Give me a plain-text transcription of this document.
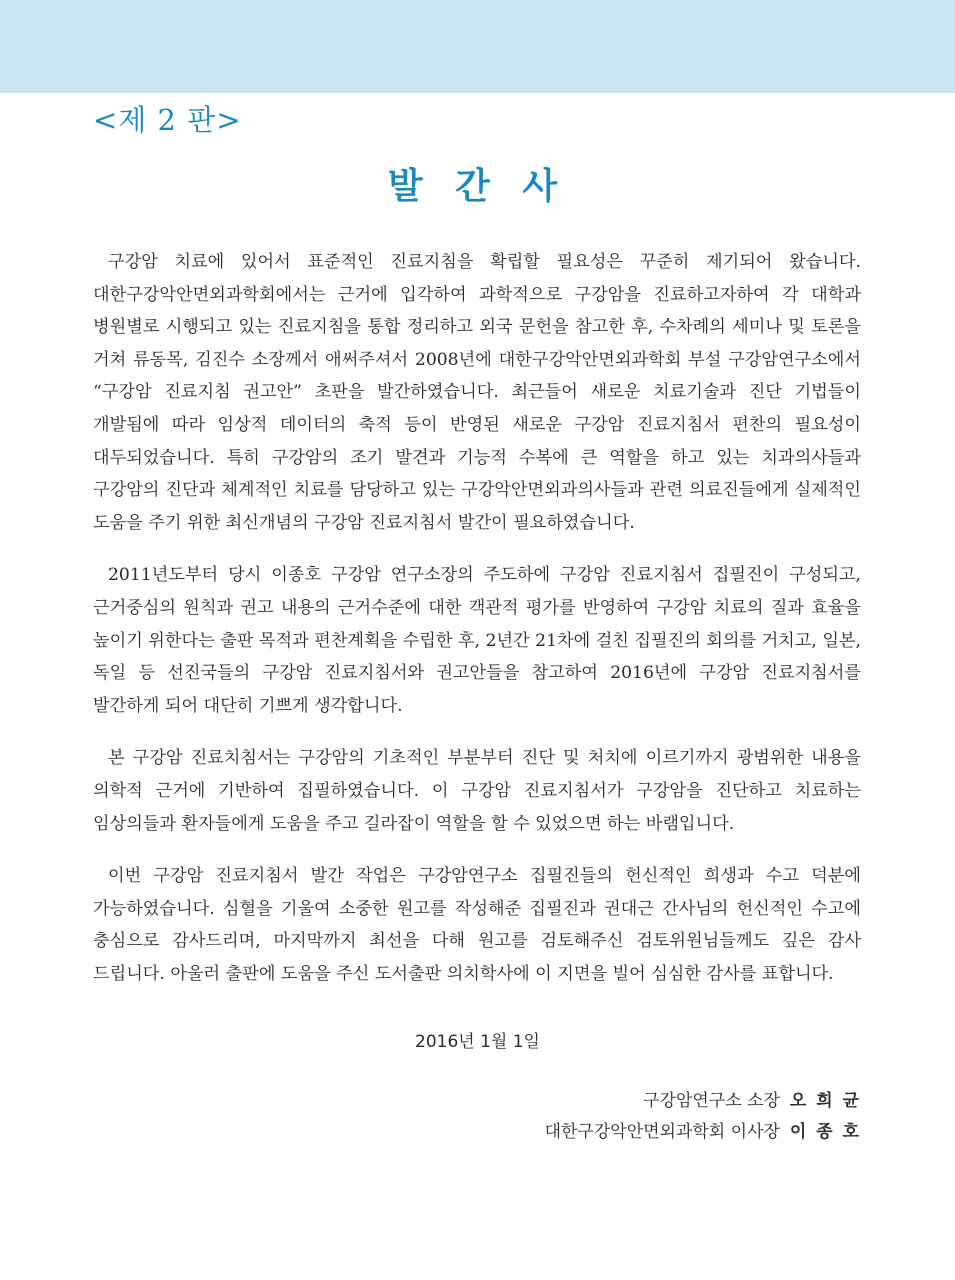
<제 2 판>
발 간 사

구강암 치료에 있어서 표준적인 진료지침을 확립할 필요성은 꾸준히 제기되어 왔습니다. 대한구강악안면외과학회에서는 근거에 입각하여 과학적으로 구강암을 진료하고자하여 각 대학과 병원별로 시행되고 있는 진료지침을 통합 정리하고 외국 문헌을 참고한 후, 수차례의 세미나 및 토론을 거쳐 류동목, 김진수 소장께서 애써주셔서 2008년에 대한구강악안면외과학회 부설 구강암연구소에서 “구강암 진료지침 권고안” 초판을 발간하였습니다. 최근들어 새로운 치료기술과 진단 기법들이 개발됨에 따라 임상적 데이터의 축적 등이 반영된 새로운 구강암 진료지침서 편찬의 필요성이 대두되었습니다. 특히 구강암의 조기 발견과 기능적 수복에 큰 역할을 하고 있는 치과의사들과 구강암의 진단과 체계적인 치료를 담당하고 있는 구강악안면외과의사들과 관련 의료진들에게 실제적인 도움을 주기 위한 최신개념의 구강암 진료지침서 발간이 필요하였습니다.

2011년도부터 당시 이종호 구강암 연구소장의 주도하에 구강암 진료지침서 집필진이 구성되고, 근거중심의 원칙과 권고 내용의 근거수준에 대한 객관적 평가를 반영하여 구강암 치료의 질과 효율을 높이기 위한다는 출판 목적과 편찬계획을 수립한 후, 2년간 21차에 걸친 집필진의 회의를 거치고, 일본, 독일 등 선진국들의 구강암 진료지침서와 권고안들을 참고하여 2016년에 구강암 진료지침서를 발간하게 되어 대단히 기쁘게 생각합니다.

본 구강암 진료치침서는 구강암의 기초적인 부분부터 진단 및 처치에 이르기까지 광범위한 내용을 의학적 근거에 기반하여 집필하였습니다. 이 구강암 진료지침서가 구강암을 진단하고 치료하는 임상의들과 환자들에게 도움을 주고 길라잡이 역할을 할 수 있었으면 하는 바램입니다.

이번 구강암 진료지침서 발간 작업은 구강암연구소 집필진들의 헌신적인 희생과 수고 덕분에 가능하였습니다. 심혈을 기울여 소중한 원고를 작성해준 집필진과 권대근 간사님의 헌신적인 수고에 충심으로 감사드리며, 마지막까지 최선을 다해 원고를 검토해주신 검토위원님들께도 깊은 감사 드립니다. 아울러 출판에 도움을 주신 도서출판 의치학사에 이 지면을 빌어 심심한 감사를 표합니다.

2016년 1월 1일
구강암연구소 소장 오 희 균
대한구강악안면외과학회 이사장 이 종 호
